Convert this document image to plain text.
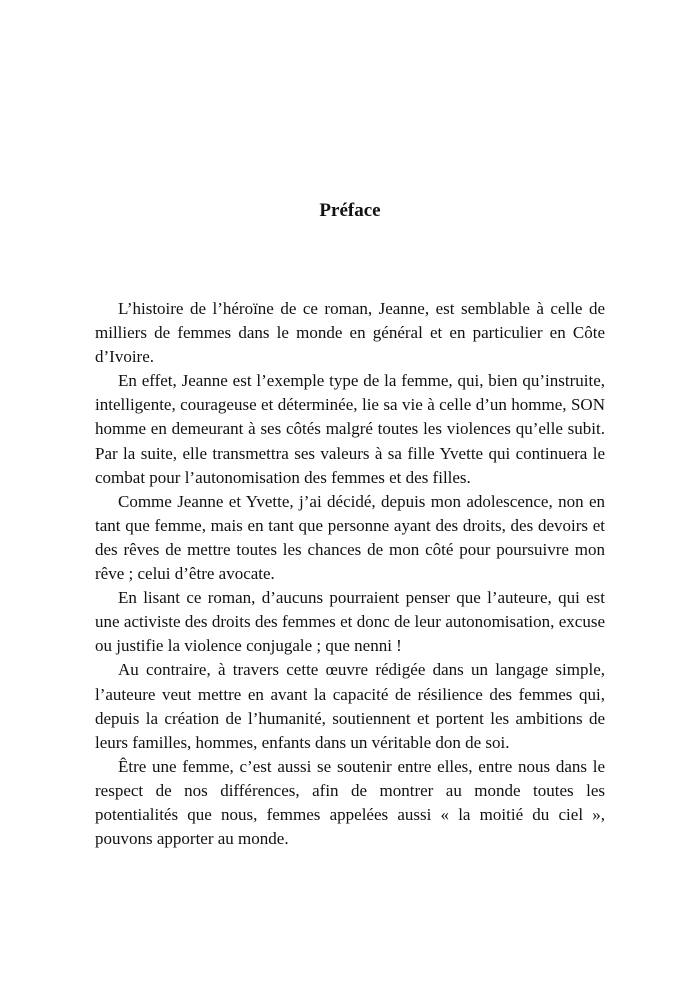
Préface

L’histoire de l’héroïne de ce roman, Jeanne, est semblable à celle de milliers de femmes dans le monde en général et en particulier en Côte d’Ivoire.

En effet, Jeanne est l’exemple type de la femme, qui, bien qu’instruite, intelligente, courageuse et déterminée, lie sa vie à celle d’un homme, SON homme en demeurant à ses côtés malgré toutes les violences qu’elle subit. Par la suite, elle transmettra ses valeurs à sa fille Yvette qui continuera le combat pour l’autonomisation des femmes et des filles.

Comme Jeanne et Yvette, j’ai décidé, depuis mon adolescence, non en tant que femme, mais en tant que personne ayant des droits, des devoirs et des rêves de mettre toutes les chances de mon côté pour poursuivre mon rêve ; celui d’être avocate.

En lisant ce roman, d’aucuns pourraient penser que l’auteure, qui est une activiste des droits des femmes et donc de leur autonomisation, excuse ou justifie la violence conjugale ; que nenni !

Au contraire, à travers cette œuvre rédigée dans un langage simple, l’auteure veut mettre en avant la capacité de résilience des femmes qui, depuis la création de l’humanité, soutiennent et portent les ambitions de leurs familles, hommes, enfants dans un véritable don de soi.

Être une femme, c’est aussi se soutenir entre elles, entre nous dans le respect de nos différences, afin de montrer au monde toutes les potentialités que nous, femmes appelées aussi « la moitié du ciel », pouvons apporter au monde.
